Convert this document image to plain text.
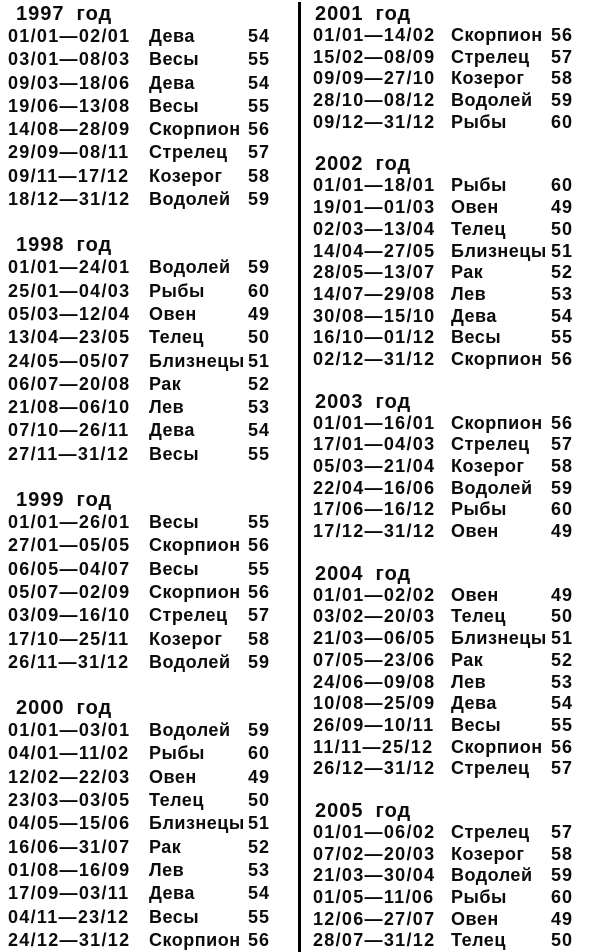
1997 год
01/01—02/01	Дева	54
03/01—08/03	Весы	55
09/03—18/06	Дева	54
19/06—13/08	Весы	55
14/08—28/09	Скорпион 56
29/09—08/11	Стрелец	57
09/11—17/12	Козерог	58
18/12—31/12	Водолей 59
1998 год
01/01—24/01	Водолей 59
25/01—04/03	Рыбы	60
05/03—12/04	Овен	49
13/04—23/05	Телец	50
24/05—05/07	Близнецы 51
06/07—20/08	Рак	52
21/08—06/10	Лев	53
07/10—26/11	Дева	54
27/11—31/12	Весы	55
1999 год
01/01—26/01	Весы	55
27/01—05/05	Скорпион 56
06/05—04/07	Весы	55
05/07—02/09	Скорпион 56
03/09—16/10	Стрелец	57
17/10—25/11	Козерог	58
26/11—31/12	Водолей 59
2000 год
01/01—03/01	Водолей 59
04/01—11/02	Рыбы	60
12/02—22/03	Овен	49
23/03—03/05	Телец	50
04/05—15/06	Близнецы 51
16/06—31/07	Рак	52
01/08—16/09	Лев	53
17/09—03/11	Дева	54
04/11—23/12	Весы	55
24/12—31/12	Скорпион 56
2001 год
01/01—14/02 Скорпион 56
15/02—08/09 Стрелец	57
09/09—27/10 Козерог	58
28/10—08/12 Водолей	59
09/12—31/12 Рыбы	60
2002 год
01/01—18/01 Рыбы	60
19/01—01/03 Овен	49
02/03—13/04 Телец	50
14/04—27/05 Близнецы 51
28/05—13/07 Рак	52
14/07—29/08 Лев	53
30/08—15/10 Дева	54
16/10—01/12 Весы	55
02/12—31/12 Скорпион 56
2003 год
01/01—16/01 Скорпион 56
17/01—04/03 Стрелец	57
05/03—21/04 Козерог	58
22/04—16/06 Водолей	59
17/06—16/12 Рыбы	60
17/12—31/12 Овен	49
2004 год
01/01—02/02 Овен	49
03/02—20/03 Телец	50
21/03—06/05 Близнецы 51
07/05—23/06 Рак	52
24/06—09/08 Лев	53
10/08—25/09 Дева	54
26/09—10/11 Весы	55
11/11—25/12 Скорпион 56
26/12—31/12 Стрелец	57
2005 год
01/01—06/02 Стрелец	57
07/02—20/03 Козерог	58
21/03—30/04 Водолей	59
01/05—11/06 Рыбы	60
12/06—27/07 Овен	49
28/07—31/12 Телец	50
